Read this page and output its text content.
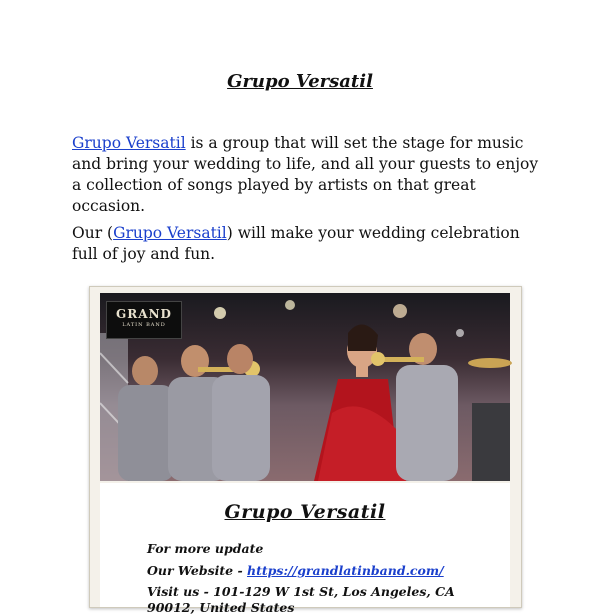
Grupo Versatil

Grupo Versatil is a group that will set the stage for music and bring your wedding to life, and all your guests to enjoy a collection of songs played by artists on that great occasion.

Our (Grupo Versatil) will make your wedding celebration full of joy and fun.

GRAND
LATIN BAND
Grupo Versatil
For more update
Our Website - https://grandlatinband.com/
Visit us - 101-129 W 1st St, Los Angeles, CA
90012, United States
